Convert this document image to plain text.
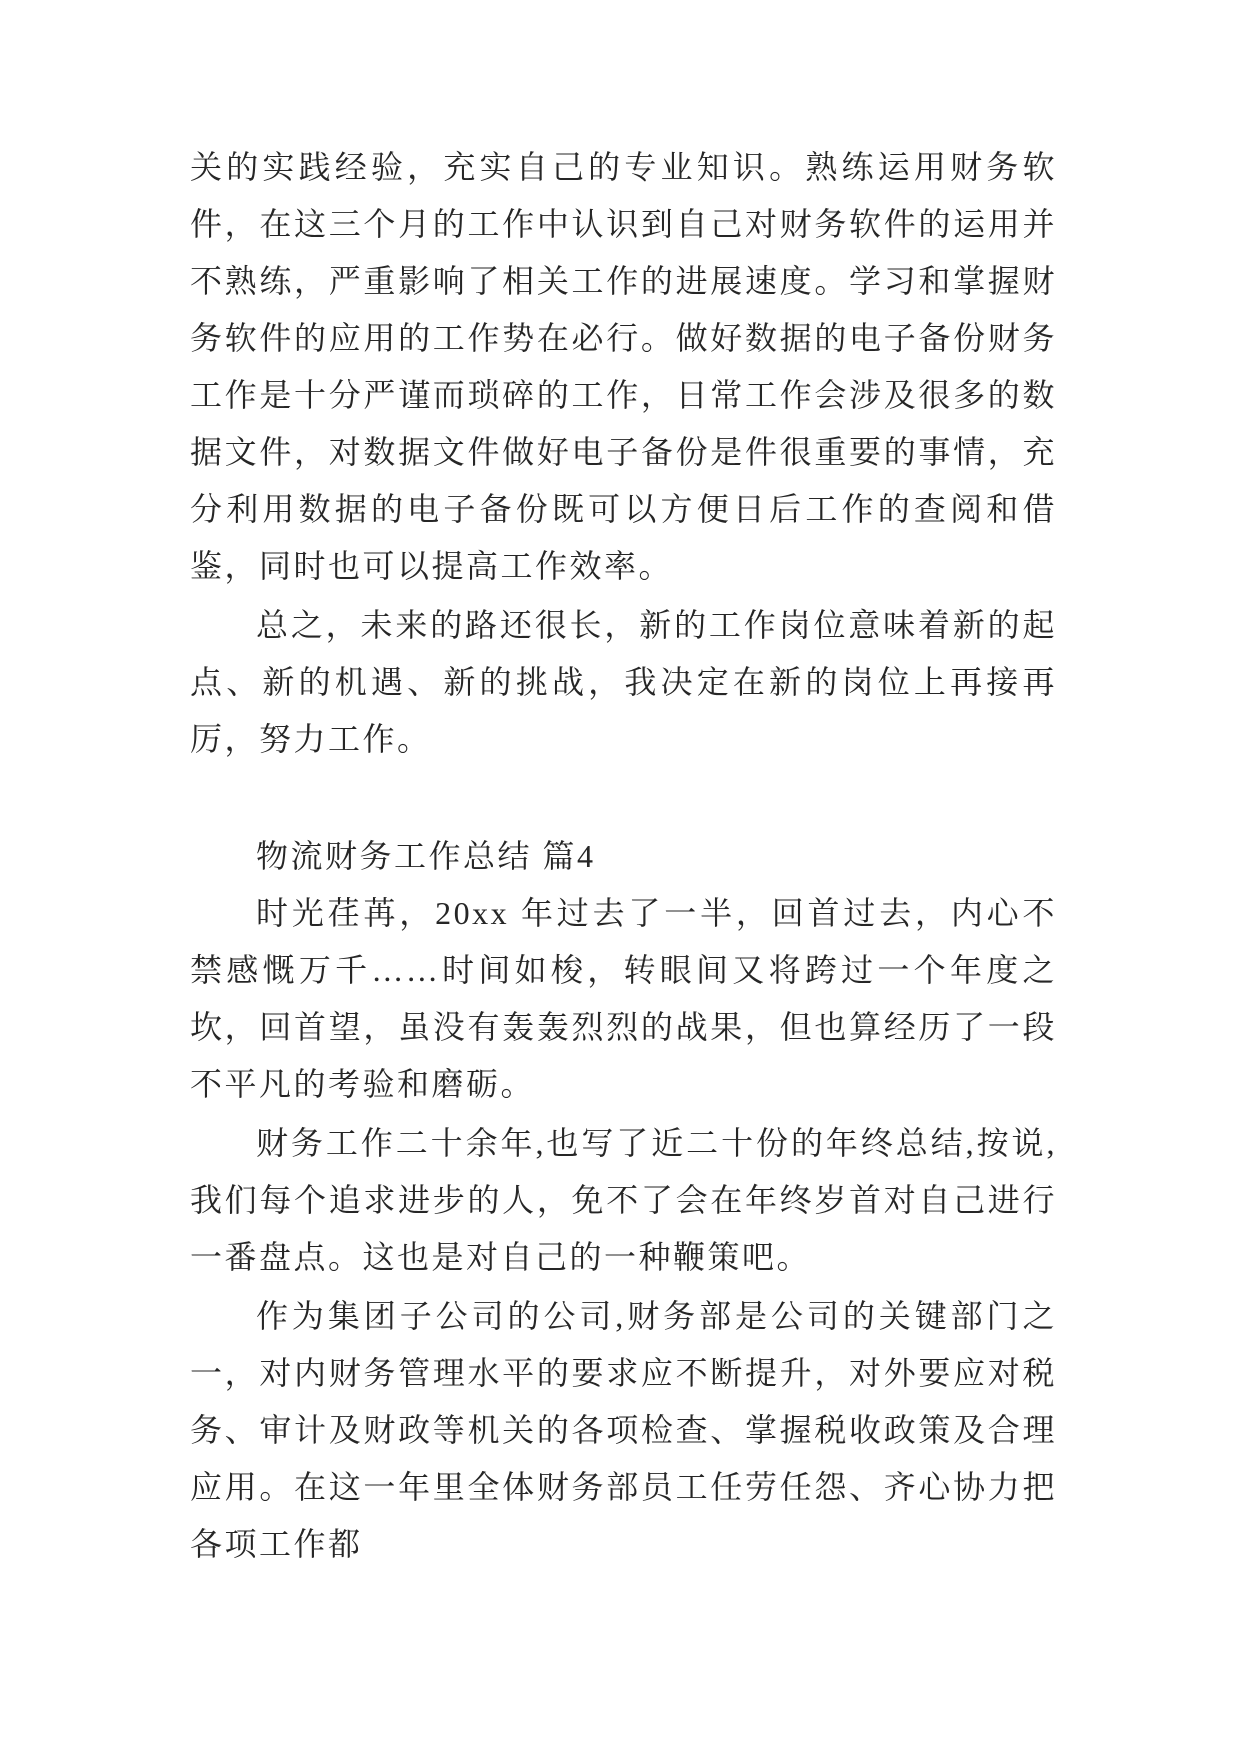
关的实践经验，充实自己的专业知识。熟练运用财务软件，在这三个月的工作中认识到自己对财务软件的运用并不熟练，严重影响了相关工作的进展速度。学习和掌握财务软件的应用的工作势在必行。做好数据的电子备份财务工作是十分严谨而琐碎的工作，日常工作会涉及很多的数据文件，对数据文件做好电子备份是件很重要的事情，充分利用数据的电子备份既可以方便日后工作的查阅和借鉴，同时也可以提高工作效率。

总之，未来的路还很长，新的工作岗位意味着新的起点、新的机遇、新的挑战，我决定在新的岗位上再接再厉，努力工作。

物流财务工作总结 篇4

时光荏苒，20xx 年过去了一半，回首过去，内心不禁感慨万千……时间如梭，转眼间又将跨过一个年度之坎，回首望，虽没有轰轰烈烈的战果，但也算经历了一段不平凡的考验和磨砺。

财务工作二十余年,也写了近二十份的年终总结,按说,我们每个追求进步的人，免不了会在年终岁首对自己进行一番盘点。这也是对自己的一种鞭策吧。

作为集团子公司的公司,财务部是公司的关键部门之一，对内财务管理水平的要求应不断提升，对外要应对税务、审计及财政等机关的各项检查、掌握税收政策及合理应用。在这一年里全体财务部员工任劳任怨、齐心协力把各项工作都
